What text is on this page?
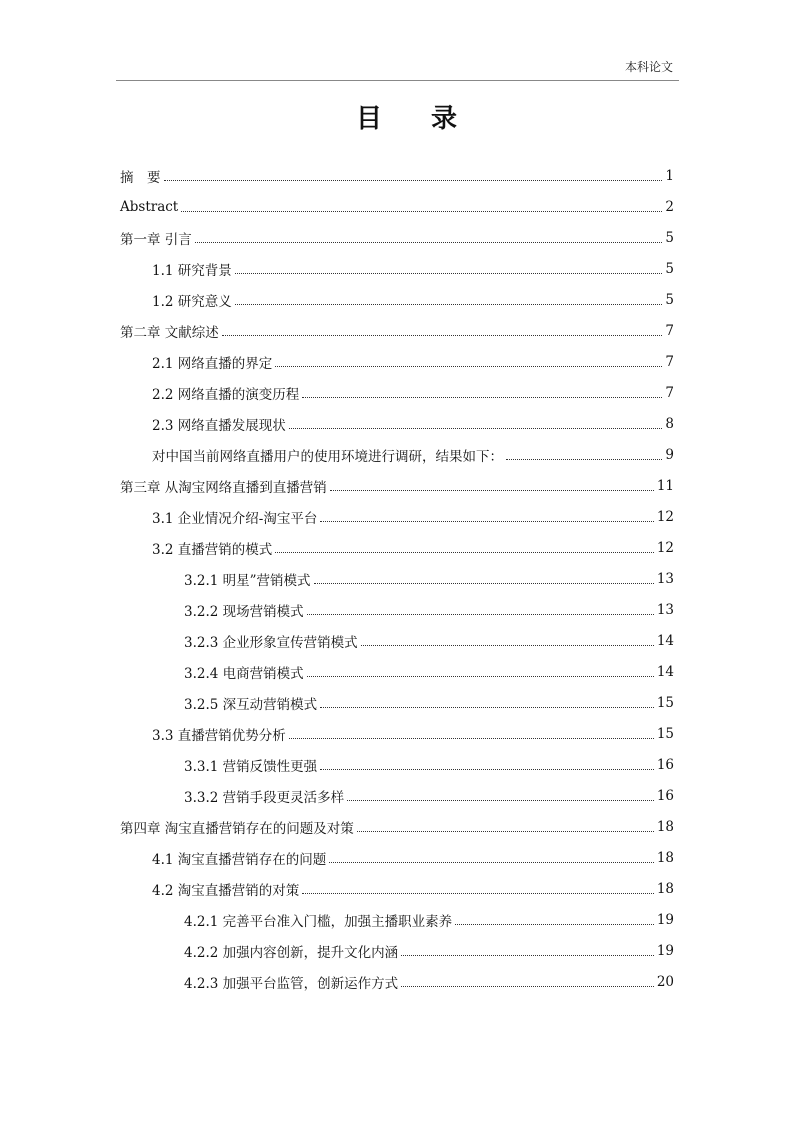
本科论文
目 录
摘　要	1
Abstract	2
第一章 引言	5
1.1 研究背景	5
1.2 研究意义	5
第二章 文献综述	7
2.1 网络直播的界定	7
2.2 网络直播的演变历程	7
2.3 网络直播发展现状	8
对中国当前网络直播用户的使用环境进行调研，结果如下：	9
第三章 从淘宝网络直播到直播营销	11
3.1 企业情况介绍-淘宝平台	12
3.2 直播营销的模式	12
3.2.1 明星”营销模式	13
3.2.2 现场营销模式	13
3.2.3 企业形象宣传营销模式	14
3.2.4 电商营销模式	14
3.2.5 深互动营销模式	15
3.3 直播营销优势分析	15
3.3.1 营销反馈性更强	16
3.3.2 营销手段更灵活多样	16
第四章 淘宝直播营销存在的问题及对策	18
4.1 淘宝直播营销存在的问题	18
4.2 淘宝直播营销的对策	18
4.2.1 完善平台准入门槛，加强主播职业素养	19
4.2.2 加强内容创新，提升文化内涵	19
4.2.3 加强平台监管，创新运作方式	20
